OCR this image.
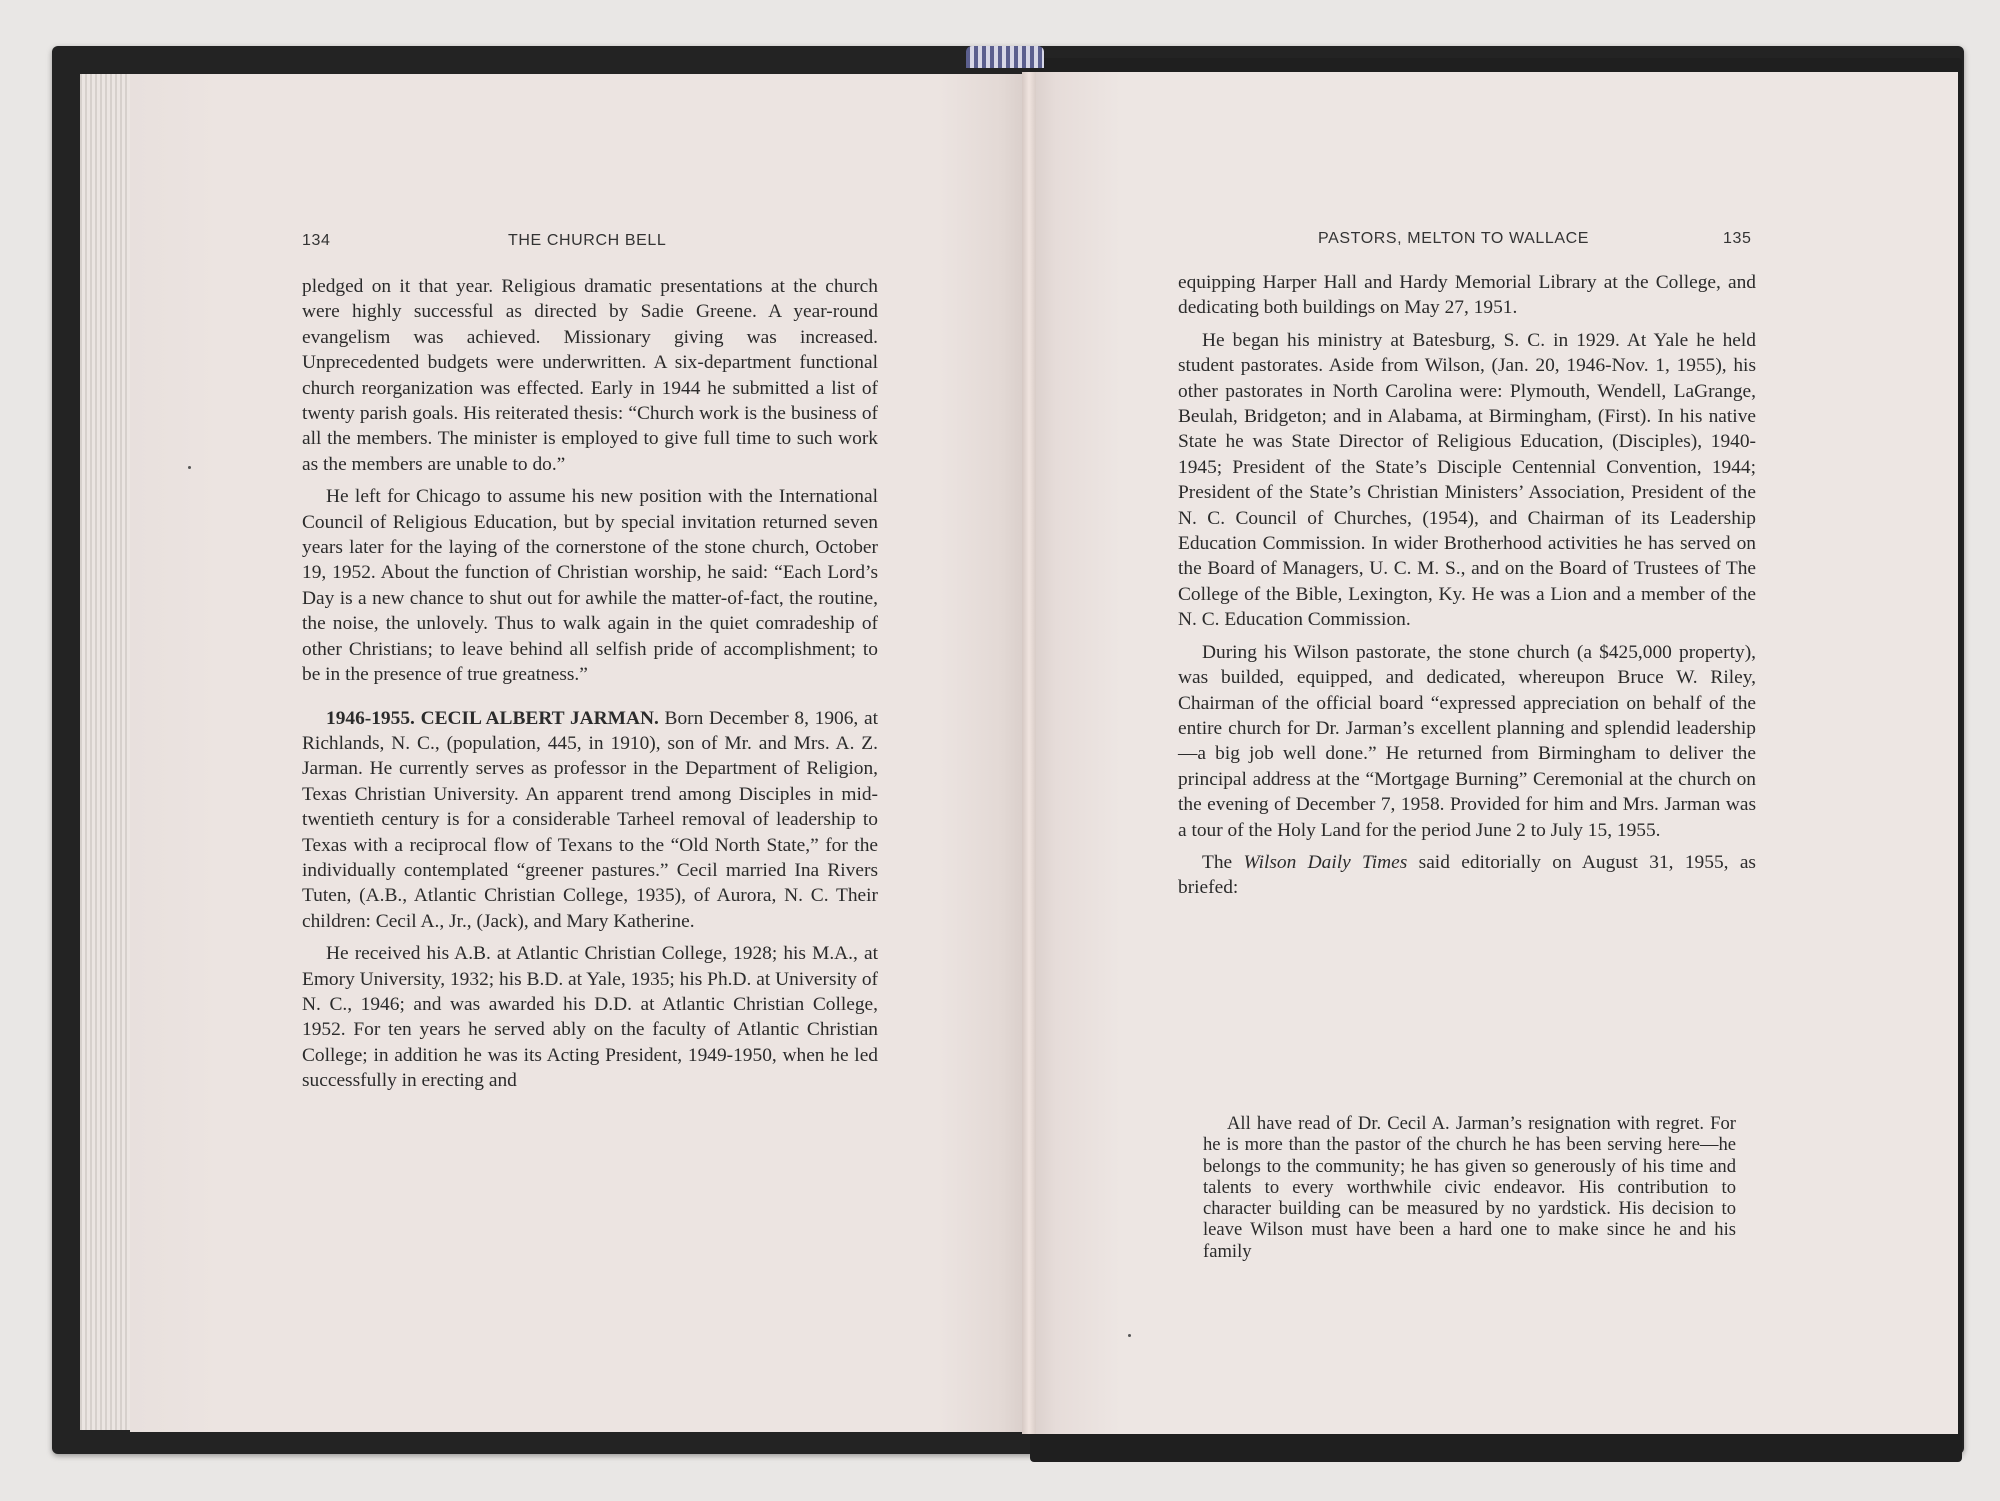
134	THE CHURCH BELL

pledged on it that year. Religious dramatic presentations at the church were highly successful as directed by Sadie Greene. A year-round evangelism was achieved. Missionary giving was increased. Unprecedented budgets were underwritten. A six-department functional church reorganization was effected. Early in 1944 he submitted a list of twenty parish goals. His reiterated thesis: “Church work is the business of all the members. The minister is employed to give full time to such work as the members are unable to do.”

He left for Chicago to assume his new position with the International Council of Religious Education, but by special invitation returned seven years later for the laying of the cornerstone of the stone church, October 19, 1952. About the function of Christian worship, he said: “Each Lord’s Day is a new chance to shut out for awhile the matter-of-fact, the routine, the noise, the unlovely. Thus to walk again in the quiet comradeship of other Christians; to leave behind all selfish pride of accomplishment; to be in the presence of true greatness.”

1946-1955. CECIL ALBERT JARMAN. Born December 8, 1906, at Richlands, N. C., (population, 445, in 1910), son of Mr. and Mrs. A. Z. Jarman. He currently serves as professor in the Department of Religion, Texas Christian University. An apparent trend among Disciples in mid-twentieth century is for a considerable Tarheel removal of leadership to Texas with a reciprocal flow of Texans to the “Old North State,” for the individually contemplated “greener pastures.” Cecil married Ina Rivers Tuten, (A.B., Atlantic Christian College, 1935), of Aurora, N. C. Their children: Cecil A., Jr., (Jack), and Mary Katherine.

He received his A.B. at Atlantic Christian College, 1928; his M.A., at Emory University, 1932; his B.D. at Yale, 1935; his Ph.D. at University of N. C., 1946; and was awarded his D.D. at Atlantic Christian College, 1952. For ten years he served ably on the faculty of Atlantic Christian College; in addition he was its Acting President, 1949-1950, when he led successfully in erecting and

PASTORS, MELTON TO WALLACE	135

equipping Harper Hall and Hardy Memorial Library at the College, and dedicating both buildings on May 27, 1951.

He began his ministry at Batesburg, S. C. in 1929. At Yale he held student pastorates. Aside from Wilson, (Jan. 20, 1946-Nov. 1, 1955), his other pastorates in North Carolina were: Plymouth, Wendell, LaGrange, Beulah, Bridgeton; and in Alabama, at Birmingham, (First). In his native State he was State Director of Religious Education, (Disciples), 1940-1945; President of the State’s Disciple Centennial Convention, 1944; President of the State’s Christian Ministers’ Association, President of the N. C. Council of Churches, (1954), and Chairman of its Leadership Education Commission. In wider Brotherhood activities he has served on the Board of Managers, U. C. M. S., and on the Board of Trustees of The College of the Bible, Lexington, Ky. He was a Lion and a member of the N. C. Education Commission.

During his Wilson pastorate, the stone church (a $425,000 property), was builded, equipped, and dedicated, whereupon Bruce W. Riley, Chairman of the official board “expressed appreciation on behalf of the entire church for Dr. Jarman’s excellent planning and splendid leadership—a big job well done.” He returned from Birmingham to deliver the principal address at the “Mortgage Burning” Ceremonial at the church on the evening of December 7, 1958. Provided for him and Mrs. Jarman was a tour of the Holy Land for the period June 2 to July 15, 1955.

The Wilson Daily Times said editorially on August 31, 1955, as briefed:

All have read of Dr. Cecil A. Jarman’s resignation with regret. For he is more than the pastor of the church he has been serving here—he belongs to the community; he has given so generously of his time and talents to every worthwhile civic endeavor. His contribution to character building can be measured by no yardstick. His decision to leave Wilson must have been a hard one to make since he and his family
